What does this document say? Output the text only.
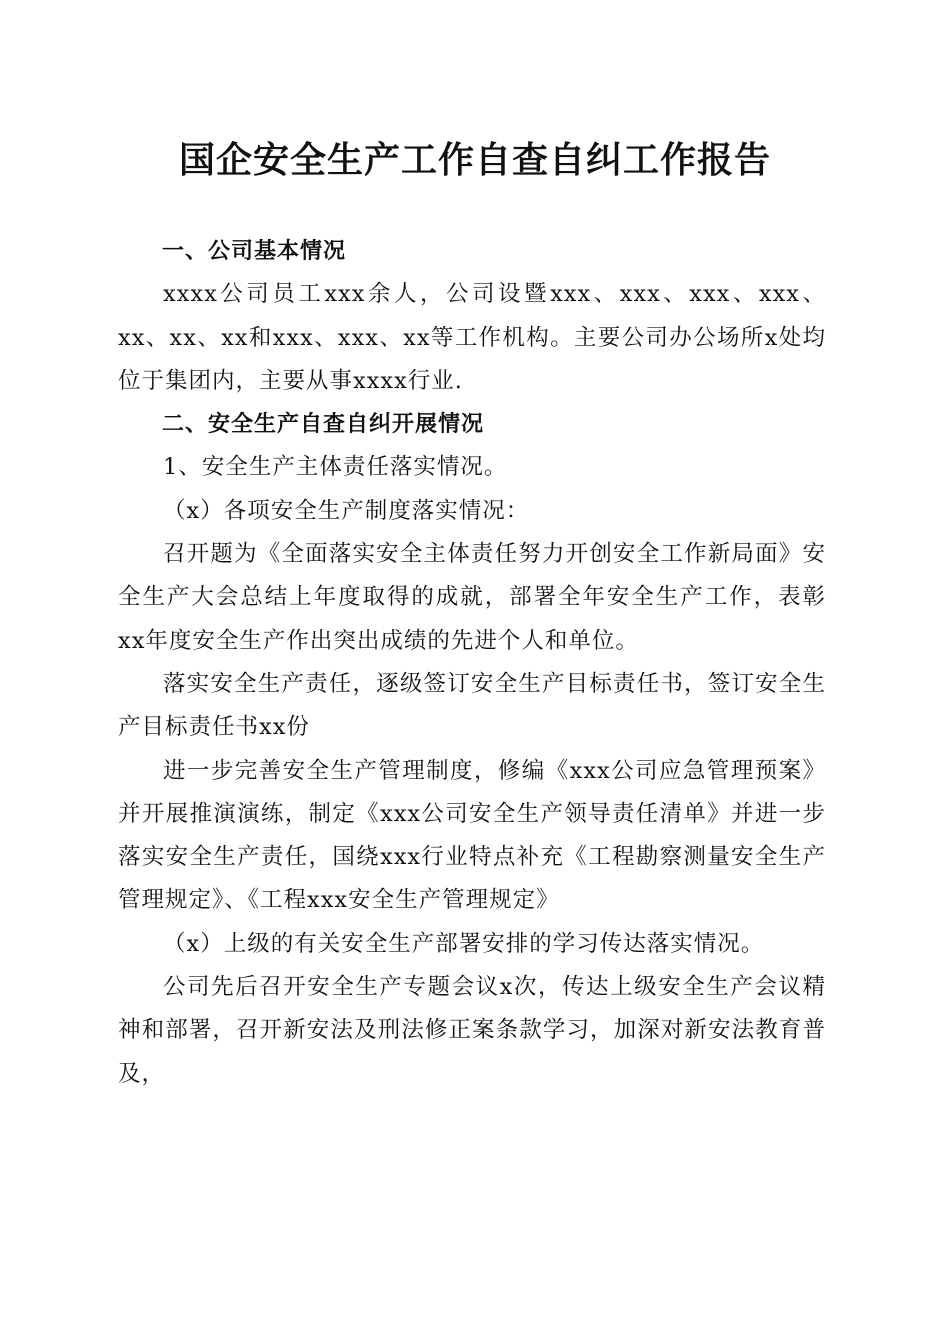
国企安全生产工作自查自纠工作报告

一、公司基本情况

xxxx公司员工xxx余人，公司设暨xxx、xxx、xxx、xxx、xx、xx、xx和xxx、xxx、xx等工作机构。主要公司办公场所x处均位于集团内，主要从事xxxx行业.

二、安全生产自查自纠开展情况

1、安全生产主体责任落实情况。

（x）各项安全生产制度落实情况：

召开题为《全面落实安全主体责任努力开创安全工作新局面》安全生产大会总结上年度取得的成就，部署全年安全生产工作，表彰xx年度安全生产作出突出成绩的先进个人和单位。

落实安全生产责任，逐级签订安全生产目标责任书，签订安全生产目标责任书xx份

进一步完善安全生产管理制度，修编《xxx公司应急管理预案》并开展推演演练，制定《xxx公司安全生产领导责任清单》并进一步落实安全生产责任，国绕xxx行业特点补充《工程勘察测量安全生产管理规定》、《工程xxx安全生产管理规定》

（x）上级的有关安全生产部署安排的学习传达落实情况。

公司先后召开安全生产专题会议x次，传达上级安全生产会议精神和部署，召开新安法及刑法修正案条款学习，加深对新安法教育普及，
